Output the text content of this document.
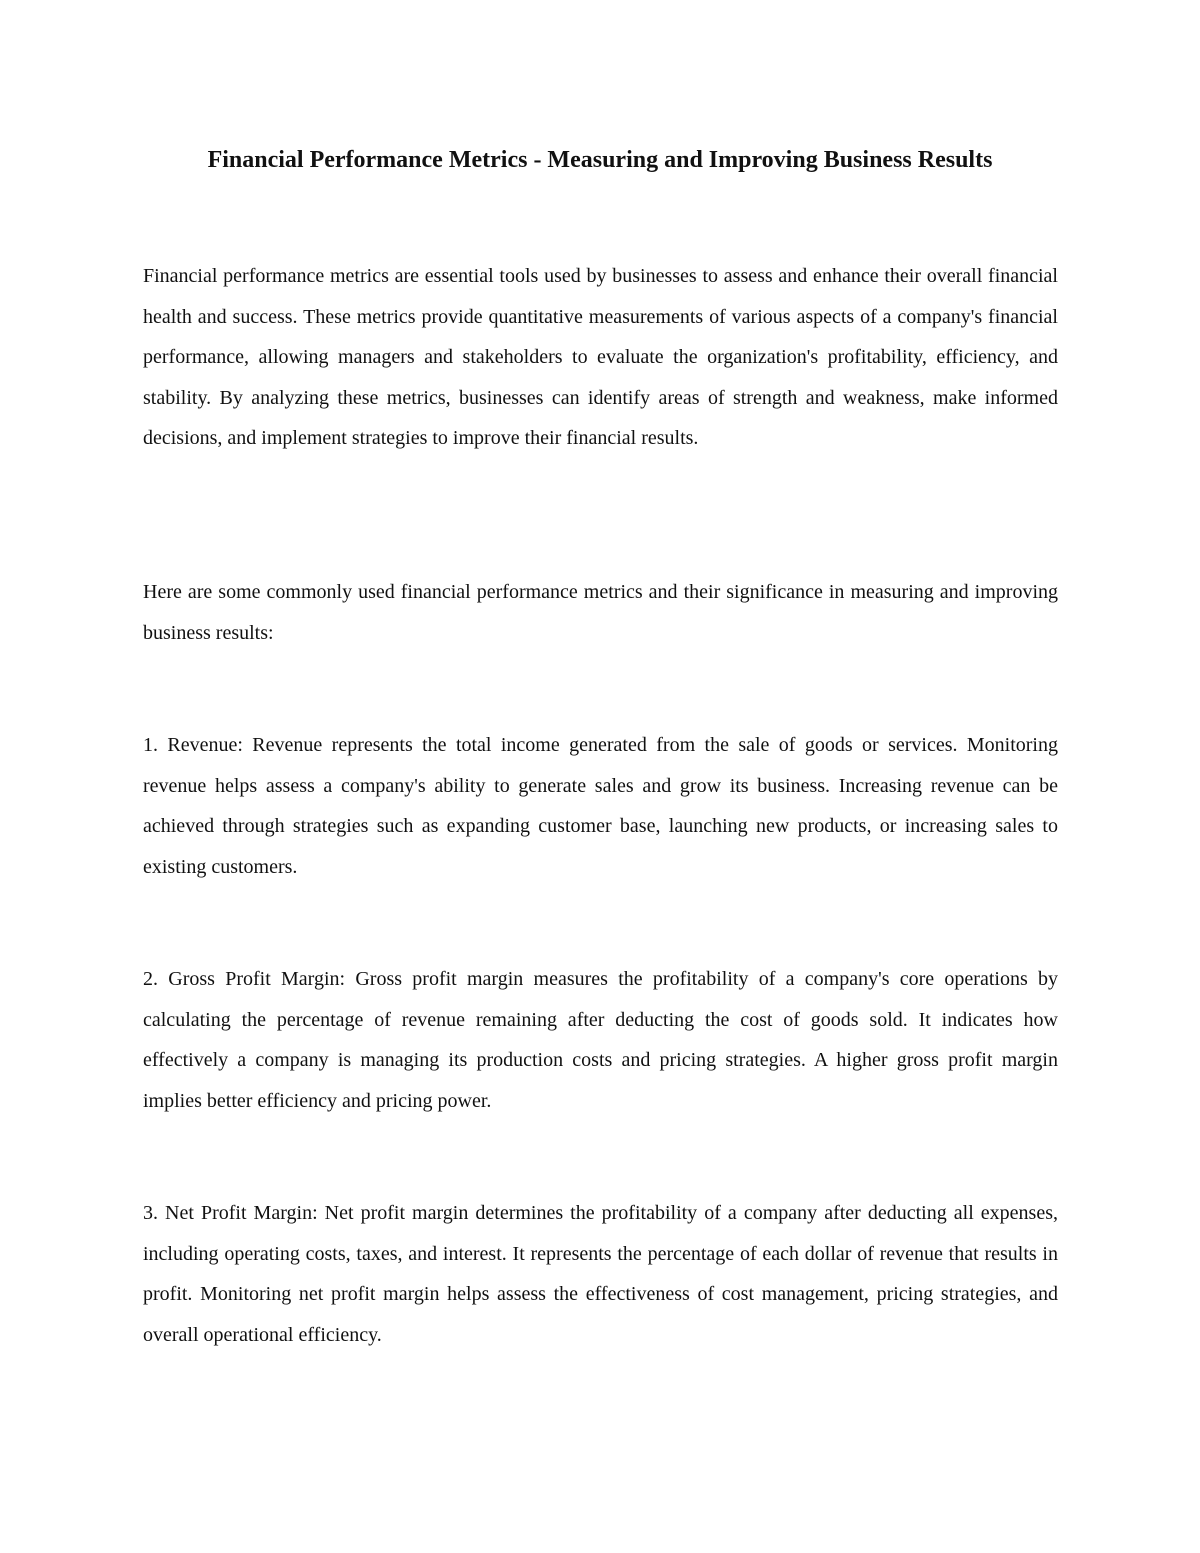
Financial Performance Metrics - Measuring and Improving Business Results

Financial performance metrics are essential tools used by businesses to assess and enhance their overall financial health and success. These metrics provide quantitative measurements of various aspects of a company's financial performance, allowing managers and stakeholders to evaluate the organization's profitability, efficiency, and stability. By analyzing these metrics, businesses can identify areas of strength and weakness, make informed decisions, and implement strategies to improve their financial results.

Here are some commonly used financial performance metrics and their significance in measuring and improving business results:

1. Revenue: Revenue represents the total income generated from the sale of goods or services. Monitoring revenue helps assess a company's ability to generate sales and grow its business. Increasing revenue can be achieved through strategies such as expanding customer base, launching new products, or increasing sales to existing customers.

2. Gross Profit Margin: Gross profit margin measures the profitability of a company's core operations by calculating the percentage of revenue remaining after deducting the cost of goods sold. It indicates how effectively a company is managing its production costs and pricing strategies. A higher gross profit margin implies better efficiency and pricing power.

3. Net Profit Margin: Net profit margin determines the profitability of a company after deducting all expenses, including operating costs, taxes, and interest. It represents the percentage of each dollar of revenue that results in profit. Monitoring net profit margin helps assess the effectiveness of cost management, pricing strategies, and overall operational efficiency.
